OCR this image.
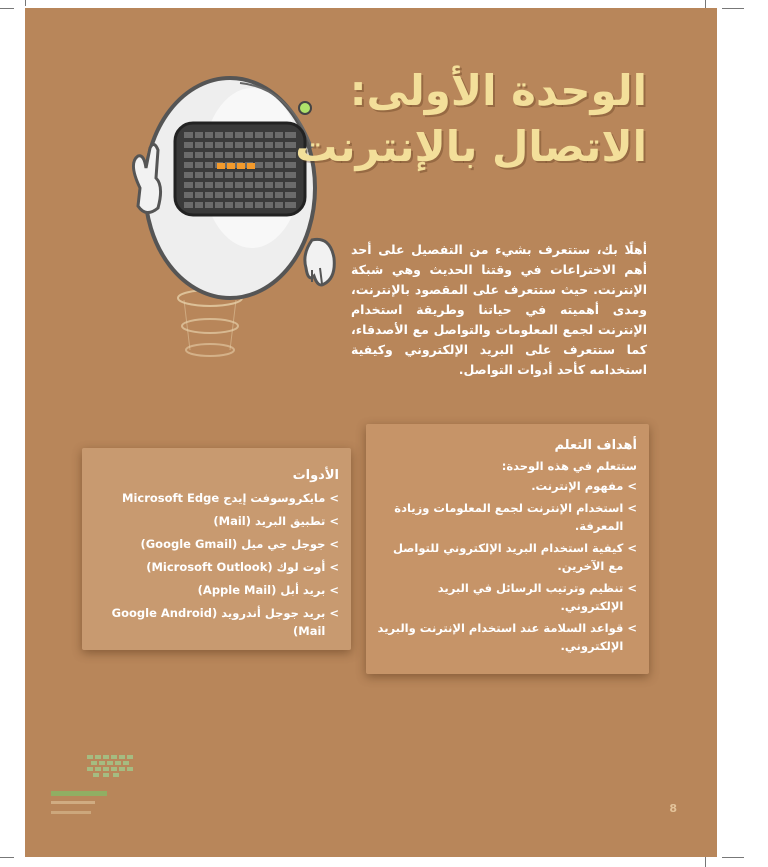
الوحدة الأولى:
الاتصال بالإنترنت
أهلًا بك، ستتعرف بشيء من التفصيل على أحد أهم الاختراعات في وقتنا الحديث وهي شبكة الإنترنت. حيث ستتعرف على المقصود بالإنترنت، ومدى أهميته في حياتنا وطريقة استخدام الإنترنت لجمع المعلومات والتواصل مع الأصدقاء، كما ستتعرف على البريد الإلكتروني وكيفية استخدامه كأحد أدوات التواصل.
أهداف التعلم
ستتعلم في هذه الوحدة:
>
مفهوم الإنترنت.
>
استخدام الإنترنت لجمع المعلومات وزيادة المعرفة.
>
كيفية استخدام البريد الإلكتروني للتواصل مع الآخرين.
>
تنظيم وترتيب الرسائل في البريد الإلكتروني.
>
قواعد السلامة عند استخدام الإنترنت والبريد الإلكتروني.
الأدوات
>
مايكروسوفت إيدج Microsoft Edge
>
تطبيق البريد (Mail)
>
جوجل جي ميل (Google Gmail)
>
أوت لوك (Microsoft Outlook)
>
بريد أبل (Apple Mail)
>
بريد جوجل أندرويد (Google Android Mail)
8
